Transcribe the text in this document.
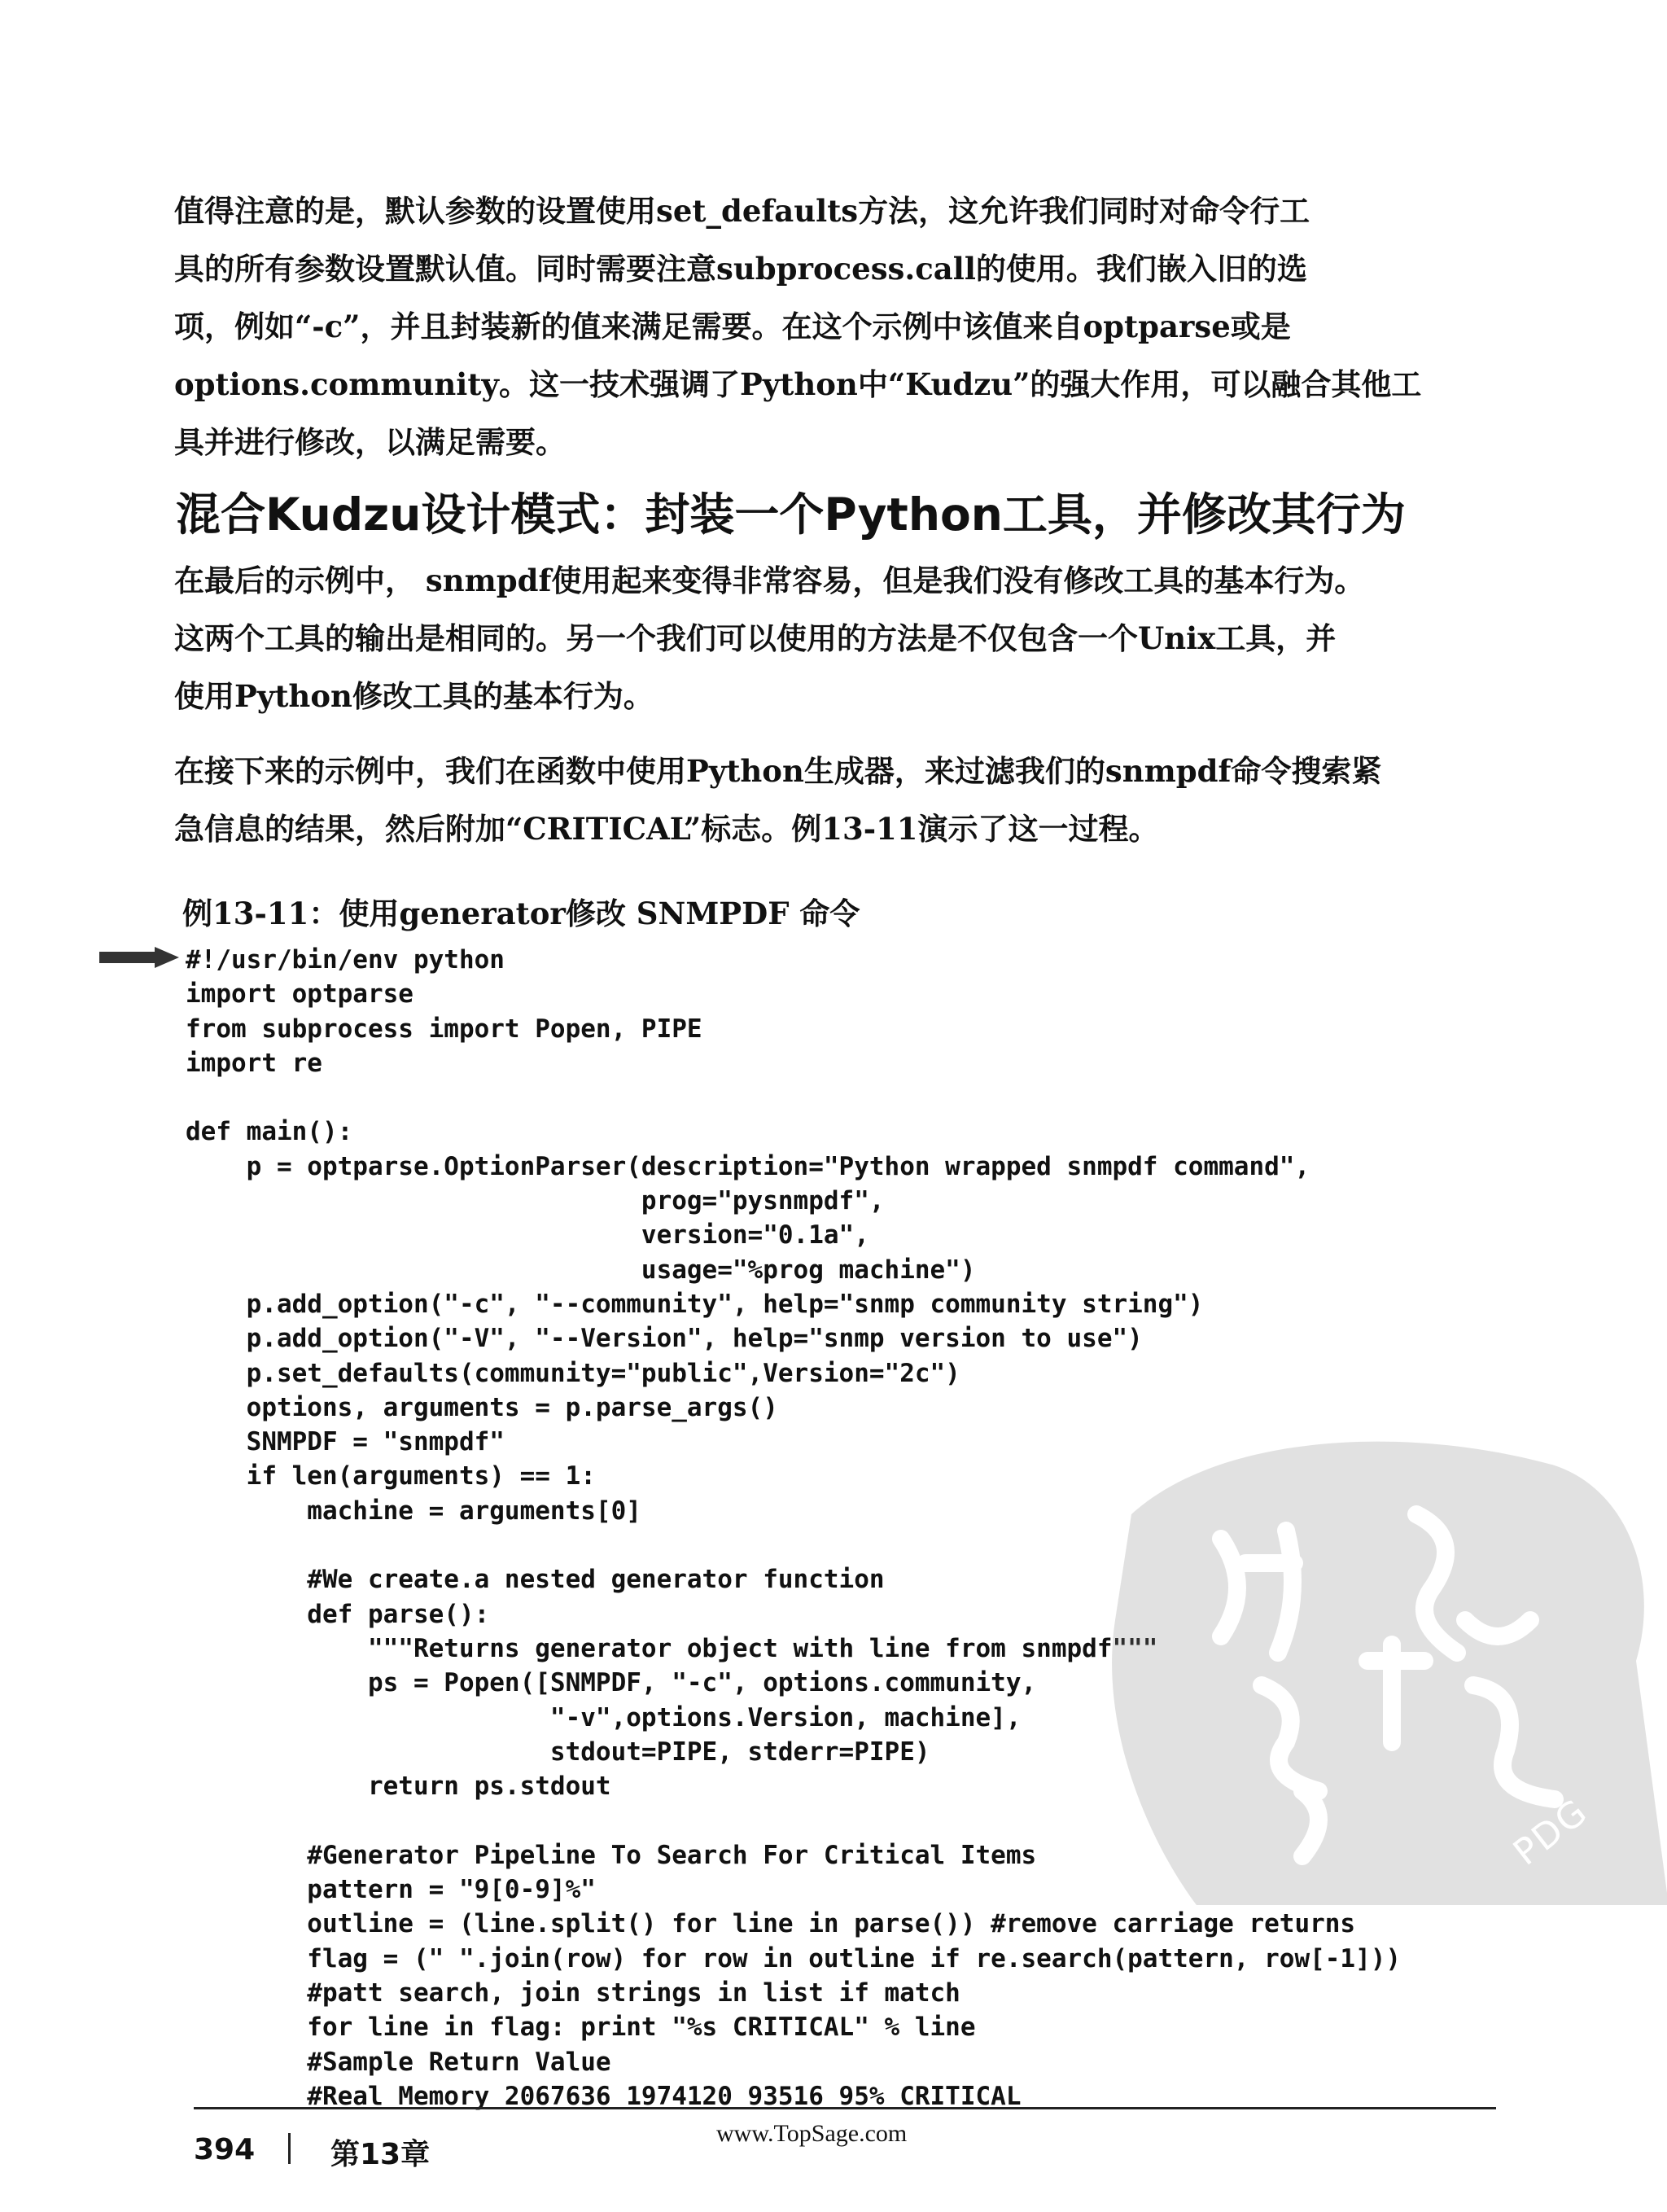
值得注意的是，默认参数的设置使用set_defaults方法，这允许我们同时对命令行工
具的所有参数设置默认值。同时需要注意subprocess.call的使用。我们嵌入旧的选
项，例如“-c”，并且封装新的值来满足需要。在这个示例中该值来自optparse或是
options.community。这一技术强调了Python中“Kudzu”的强大作用，可以融合其他工
具并进行修改，以满足需要。
混合Kudzu设计模式：封装一个Python工具，并修改其行为
在最后的示例中， snmpdf使用起来变得非常容易，但是我们没有修改工具的基本行为。
这两个工具的输出是相同的。另一个我们可以使用的方法是不仅包含一个Unix工具，并
使用Python修改工具的基本行为。
在接下来的示例中，我们在函数中使用Python生成器，来过滤我们的snmpdf命令搜索紧
急信息的结果，然后附加“CRITICAL”标志。例13-11演示了这一过程。

例13-11：使用generator修改 SNMPDF 命令

#!/usr/bin/env python
import optparse
from subprocess import Popen, PIPE
import re

def main():
p = optparse.OptionParser(description="Python wrapped snmpdf command",
prog="pysnmpdf",
version="0.1a",
usage="%prog machine")
p.add_option("-c", "--community", help="snmp community string")
p.add_option("-V", "--Version", help="snmp version to use")
p.set_defaults(community="public",Version="2c")
options, arguments = p.parse_args()
SNMPDF = "snmpdf"
if len(arguments) == 1:
machine = arguments[0]

#We create.a nested generator function
def parse():
"""Returns generator object with line from snmpdf"""
ps = Popen([SNMPDF, "-c", options.community,
"-v",options.Version, machine],
stdout=PIPE, stderr=PIPE)
return ps.stdout

#Generator Pipeline To Search For Critical Items
pattern = "9[0-9]%"
outline = (line.split() for line in parse()) #remove carriage returns
flag = (" ".join(row) for row in outline if re.search(pattern, row[-1]))
#patt search, join strings in list if match
for line in flag: print "%s CRITICAL" % line
#Sample Return Value
#Real Memory 2067636 1974120 93516 95% CRITICAL

PDG
394	第13章
www.TopSage.com
